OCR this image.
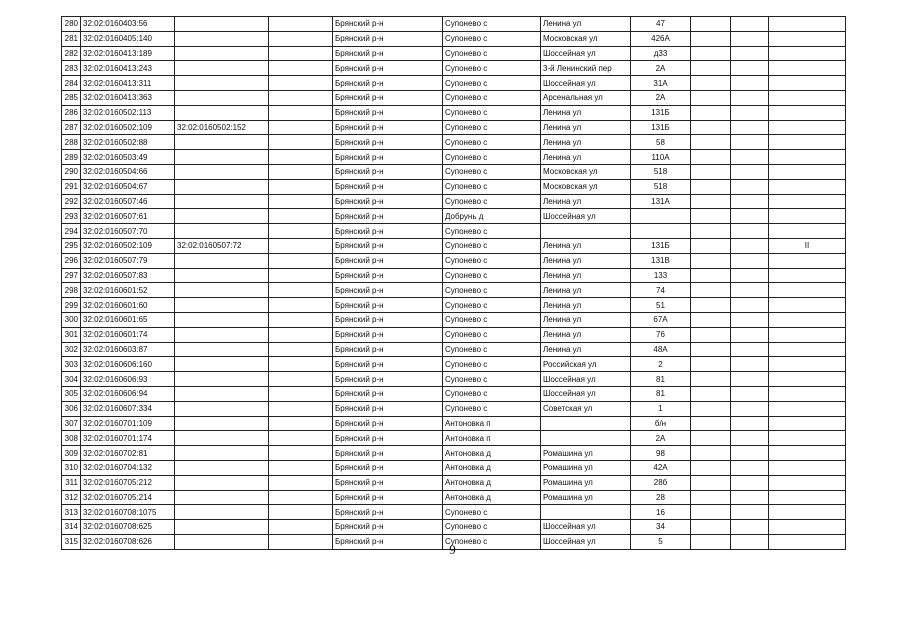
280	32:02:0160403:56			Брянский р-н	Супонево с	Ленина ул	47			
281	32:02:0160405:140			Брянский р-н	Супонево с	Московская ул	426А			
282	32:02:0160413:189			Брянский р-н	Супонево с	Шоссейная ул	д33			
283	32:02:0160413:243			Брянский р-н	Супонево с	3-й Ленинский пер	2А			
284	32:02:0160413:311			Брянский р-н	Супонево с	Шоссейная ул	31А			
285	32:02:0160413:363			Брянский р-н	Супонево с	Арсенальная ул	2А			
286	32:02:0160502:113			Брянский р-н	Супонево с	Ленина ул	131Б			
287	32:02:0160502:109	32:02:0160502:152		Брянский р-н	Супонево с	Ленина ул	131Б			
288	32:02:0160502:88			Брянский р-н	Супонево с	Ленина ул	58			
289	32:02:0160503:49			Брянский р-н	Супонево с	Ленина ул	110А			
290	32:02:0160504:66			Брянский р-н	Супонево с	Московская ул	518			
291	32:02:0160504:67			Брянский р-н	Супонево с	Московская ул	518			
292	32:02:0160507:46			Брянский р-н	Супонево с	Ленина ул	131А			
293	32:02:0160507:61			Брянский р-н	Добрунь д	Шоссейная ул				
294	32:02:0160507:70			Брянский р-н	Супонево с					
295	32:02:0160502:109	32:02:0160507:72		Брянский р-н	Супонево с	Ленина ул	131Б			II
296	32:02:0160507:79			Брянский р-н	Супонево с	Ленина ул	131В			
297	32:02:0160507:83			Брянский р-н	Супонево с	Ленина ул	133			
298	32:02:0160601:52			Брянский р-н	Супонево с	Ленина ул	74			
299	32:02:0160601:60			Брянский р-н	Супонево с	Ленина ул	51			
300	32:02:0160601:65			Брянский р-н	Супонево с	Ленина ул	67А			
301	32:02:0160601:74			Брянский р-н	Супонево с	Ленина ул	76			
302	32:02:0160603:87			Брянский р-н	Супонево с	Ленина ул	48А			
303	32:02:0160606:160			Брянский р-н	Супонево с	Российская ул	2			
304	32:02:0160606:93			Брянский р-н	Супонево с	Шоссейная ул	81			
305	32:02:0160606:94			Брянский р-н	Супонево с	Шоссейная ул	81			
306	32:02:0160607:334			Брянский р-н	Супонево с	Советская ул	1			
307	32:02:0160701:109			Брянский р-н	Антоновка п		б/н			
308	32:02:0160701:174			Брянский р-н	Антоновка п		2А			
309	32:02:0160702:81			Брянский р-н	Антоновка д	Ромашина ул	98			
310	32:02:0160704:132			Брянский р-н	Антоновка д	Ромашина ул	42А			
311	32:02:0160705:212			Брянский р-н	Антоновка д	Ромашина ул	28б			
312	32:02:0160705:214			Брянский р-н	Антоновка д	Ромашина ул	28			
313	32:02:0160708:1075			Брянский р-н	Супонево с		16			
314	32:02:0160708:625			Брянский р-н	Супонево с	Шоссейная ул	34			
315	32:02:0160708:626			Брянский р-н	Супонево с	Шоссейная ул	5			
9
